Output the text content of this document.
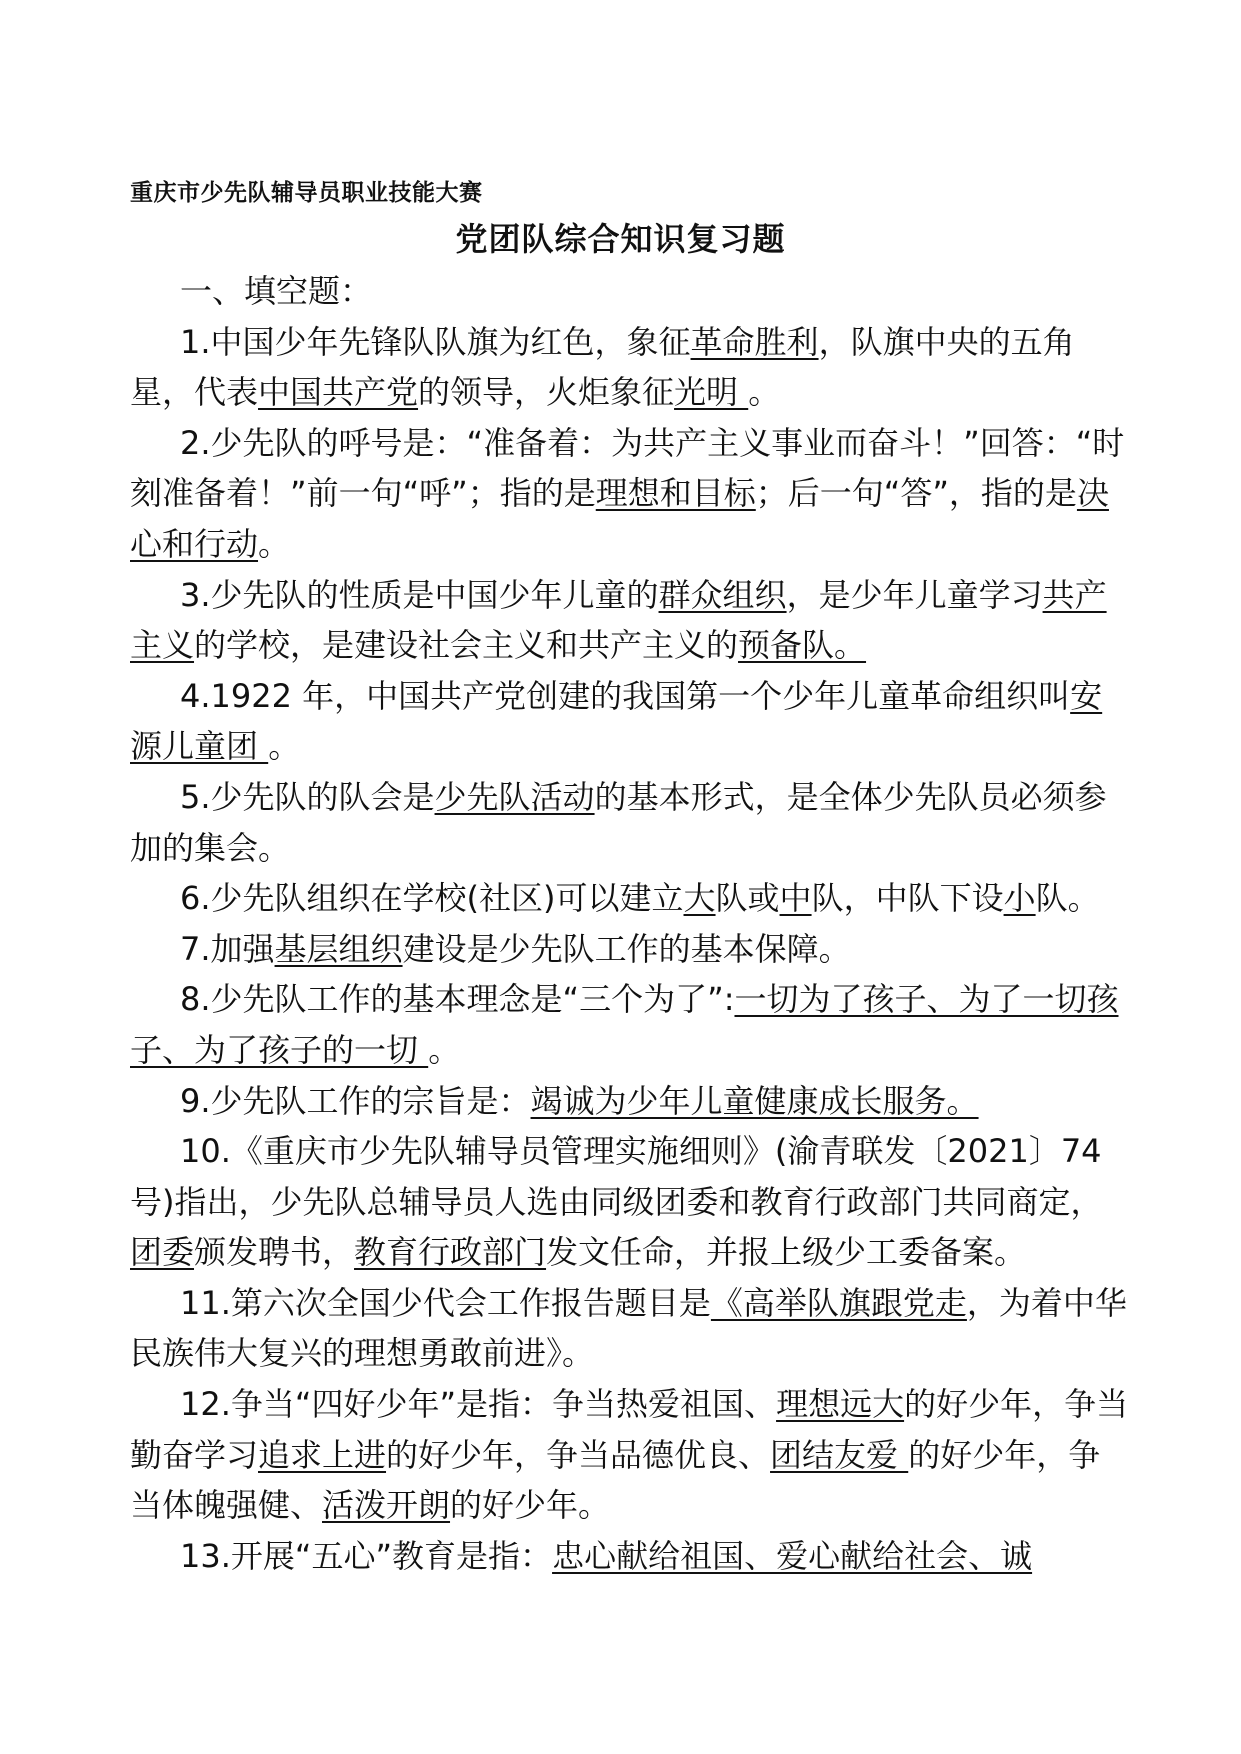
重庆市少先队辅导员职业技能大赛
党团队综合知识复习题
一、填空题：

1.中国少年先锋队队旗为红色，象征革命胜利，队旗中央的五角星，代表中国共产党的领导，火炬象征光明 。

2.少先队的呼号是：“准备着：为共产主义事业而奋斗！”回答：“时刻准备着！”前一句“呼”；指的是理想和目标；后一句“答”，指的是决心和行动。

3.少先队的性质是中国少年儿童的群众组织，是少年儿童学习共产主义的学校，是建设社会主义和共产主义的预备队。

4.1922 年，中国共产党创建的我国第一个少年儿童革命组织叫安源儿童团 。

5.少先队的队会是少先队活动的基本形式，是全体少先队员必须参加的集会。

6.少先队组织在学校(社区)可以建立大队或中队，中队下设小队。

7.加强基层组织建设是少先队工作的基本保障。

8.少先队工作的基本理念是“三个为了”:一切为了孩子、为了一切孩子、为了孩子的一切 。

9.少先队工作的宗旨是：竭诚为少年儿童健康成长服务。

10.《重庆市少先队辅导员管理实施细则》(渝青联发〔2021〕74 号)指出，少先队总辅导员人选由同级团委和教育行政部门共同商定，团委颁发聘书，教育行政部门发文任命，并报上级少工委备案。

11.第六次全国少代会工作报告题目是《高举队旗跟党走，为着中华民族伟大复兴的理想勇敢前进》。

12.争当“四好少年”是指：争当热爱祖国、理想远大的好少年，争当勤奋学习追求上进的好少年，争当品德优良、团结友爱 的好少年，争当体魄强健、活泼开朗的好少年。

13.开展“五心”教育是指：忠心献给祖国、爱心献给社会、诚
